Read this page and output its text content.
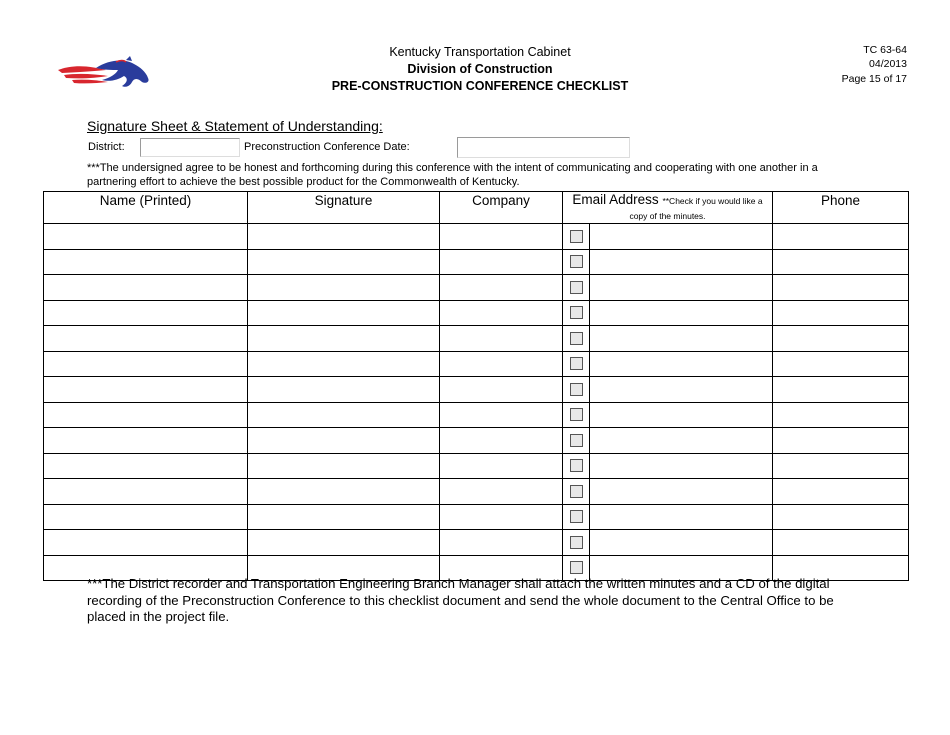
Kentucky Transportation Cabinet
Division of Construction
PRE-CONSTRUCTION CONFERENCE CHECKLIST
TC 63-64
04/2013
Page 15 of 17
Signature Sheet & Statement of Understanding:
District:	Preconstruction Conference Date:
***The undersigned agree to be honest and forthcoming during this conference with the intent of communicating and cooperating with one another in a partnering effort to achieve the best possible product for the Commonwealth of Kentucky.
Name (Printed)	Signature	Company	Email Address **Check if you would like a copy of the minutes.		Phone

***The District recorder and Transportation Engineering Branch Manager shall attach the written minutes and a CD of the digital recording of the Preconstruction Conference to this checklist document and send the whole document to the Central Office to be placed in the project file.
